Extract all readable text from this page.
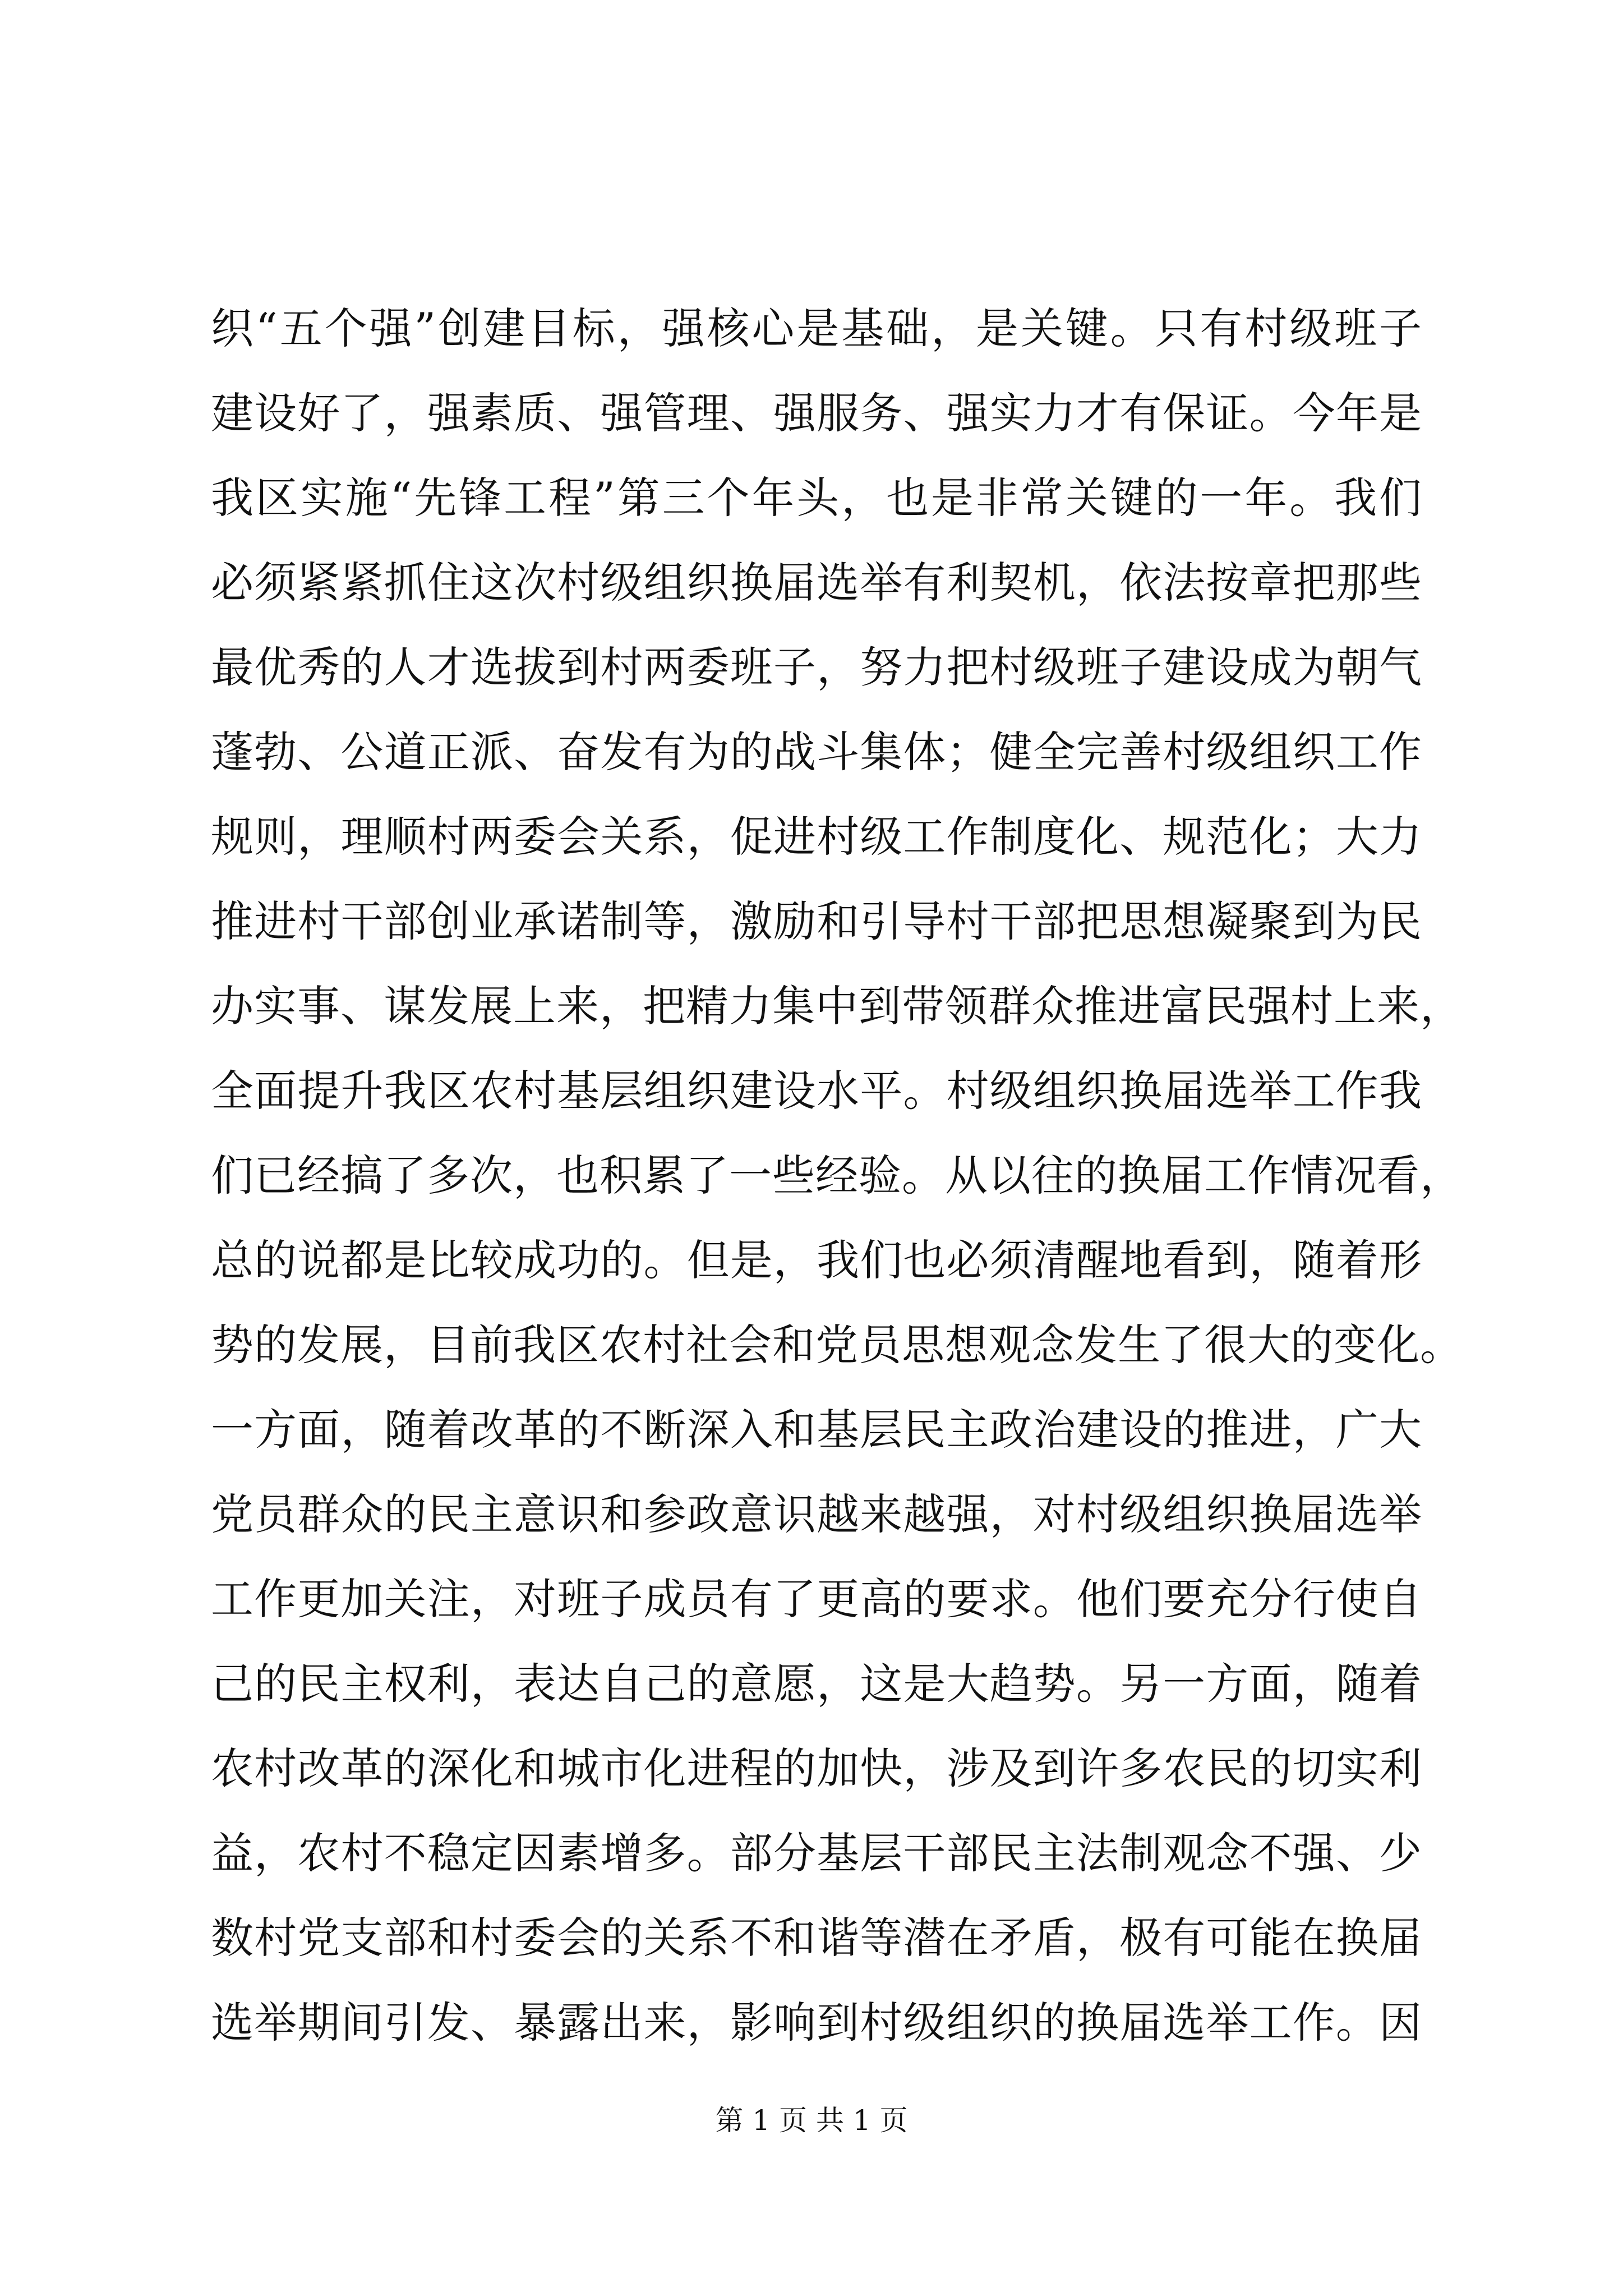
织“五个强”创建目标，强核心是基础，是关键。只有村级班子
建设好了，强素质、强管理、强服务、强实力才有保证。今年是
我区实施“先锋工程”第三个年头，也是非常关键的一年。我们
必须紧紧抓住这次村级组织换届选举有利契机，依法按章把那些
最优秀的人才选拔到村两委班子，努力把村级班子建设成为朝气
蓬勃、公道正派、奋发有为的战斗集体；健全完善村级组织工作
规则，理顺村两委会关系，促进村级工作制度化、规范化；大力
推进村干部创业承诺制等，激励和引导村干部把思想凝聚到为民
办实事、谋发展上来，把精力集中到带领群众推进富民强村上来，
全面提升我区农村基层组织建设水平。村级组织换届选举工作我
们已经搞了多次，也积累了一些经验。从以往的换届工作情况看，
总的说都是比较成功的。但是，我们也必须清醒地看到，随着形
势的发展，目前我区农村社会和党员思想观念发生了很大的变化。
一方面，随着改革的不断深入和基层民主政治建设的推进，广大
党员群众的民主意识和参政意识越来越强，对村级组织换届选举
工作更加关注，对班子成员有了更高的要求。他们要充分行使自
己的民主权利，表达自己的意愿，这是大趋势。另一方面，随着
农村改革的深化和城市化进程的加快，涉及到许多农民的切实利
益，农村不稳定因素增多。部分基层干部民主法制观念不强、少
数村党支部和村委会的关系不和谐等潜在矛盾，极有可能在换届
选举期间引发、暴露出来，影响到村级组织的换届选举工作。因
第 1 页 共 1 页
